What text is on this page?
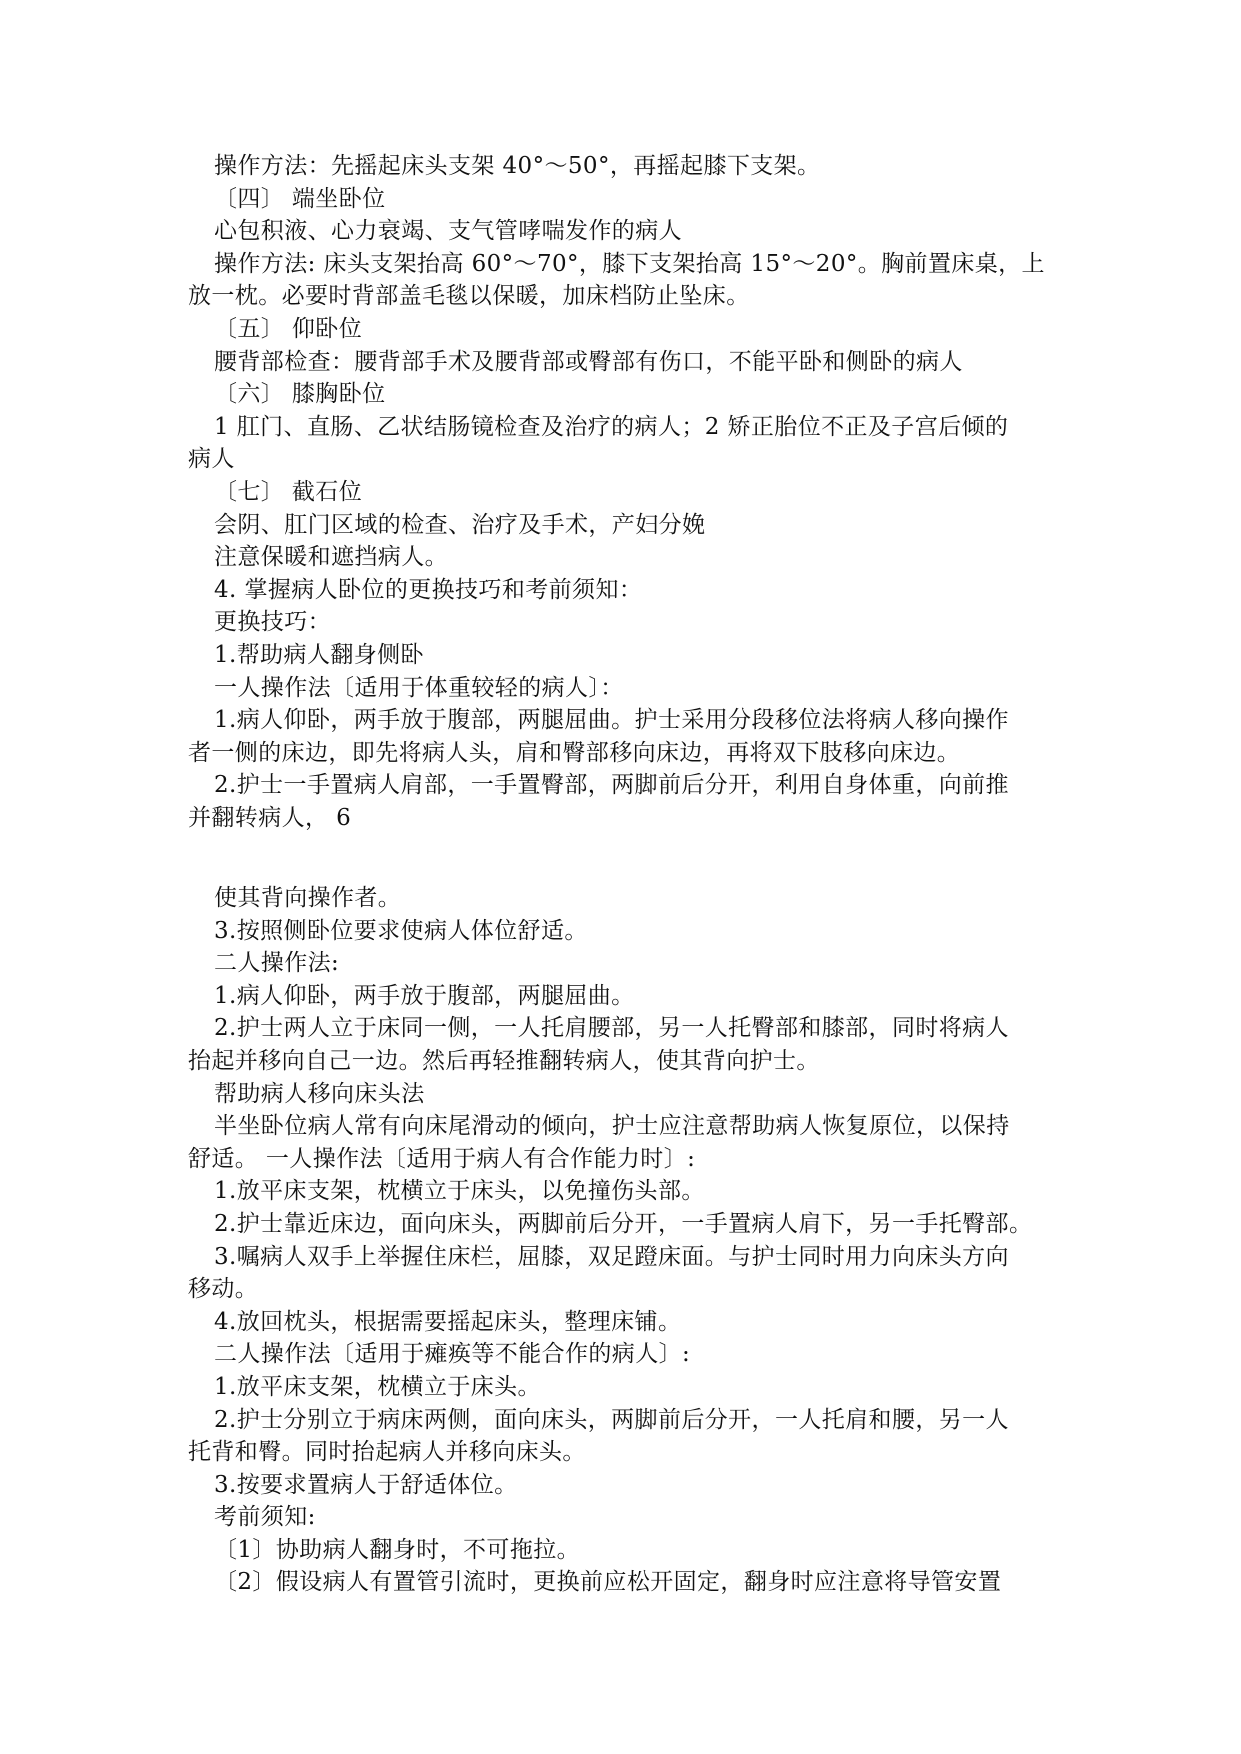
操作方法：先摇起床头支架 40°～50°，再摇起膝下支架。

〔四〕 端坐卧位

心包积液、心力衰竭、支气管哮喘发作的病人

操作方法: 床头支架抬高 60°～70°，膝下支架抬高 15°～20°。胸前置床桌，上

放一枕。必要时背部盖毛毯以保暖，加床档防止坠床。

〔五〕 仰卧位

腰背部检查：腰背部手术及腰背部或臀部有伤口，不能平卧和侧卧的病人

〔六〕 膝胸卧位

1 肛门、直肠、乙状结肠镜检查及治疗的病人；2 矫正胎位不正及子宫后倾的

病人

〔七〕 截石位

会阴、肛门区域的检查、治疗及手术，产妇分娩

注意保暖和遮挡病人。

4. 掌握病人卧位的更换技巧和考前须知：

更换技巧：

1.帮助病人翻身侧卧

一人操作法〔适用于体重较轻的病人〕：

1.病人仰卧，两手放于腹部，两腿屈曲。护士采用分段移位法将病人移向操作

者一侧的床边，即先将病人头，肩和臀部移向床边，再将双下肢移向床边。

2.护士一手置病人肩部，一手置臀部，两脚前后分开，利用自身体重，向前推

并翻转病人， 6

使其背向操作者。

3.按照侧卧位要求使病人体位舒适。

二人操作法:

1.病人仰卧，两手放于腹部，两腿屈曲。

2.护士两人立于床同一侧，一人托肩腰部，另一人托臀部和膝部，同时将病人

抬起并移向自己一边。然后再轻推翻转病人，使其背向护士。

帮助病人移向床头法

半坐卧位病人常有向床尾滑动的倾向，护士应注意帮助病人恢复原位，以保持

舒适。 一人操作法〔适用于病人有合作能力时〕:

1.放平床支架，枕横立于床头，以免撞伤头部。

2.护士靠近床边，面向床头，两脚前后分开，一手置病人肩下，另一手托臀部。

3.嘱病人双手上举握住床栏，屈膝，双足蹬床面。与护士同时用力向床头方向

移动。

4.放回枕头，根据需要摇起床头，整理床铺。

二人操作法〔适用于瘫痪等不能合作的病人〕:

1.放平床支架，枕横立于床头。

2.护士分别立于病床两侧，面向床头，两脚前后分开，一人托肩和腰，另一人

托背和臀。同时抬起病人并移向床头。

3.按要求置病人于舒适体位。

考前须知:

〔1〕协助病人翻身时，不可拖拉。

〔2〕假设病人有置管引流时，更换前应松开固定，翻身时应注意将导管安置
